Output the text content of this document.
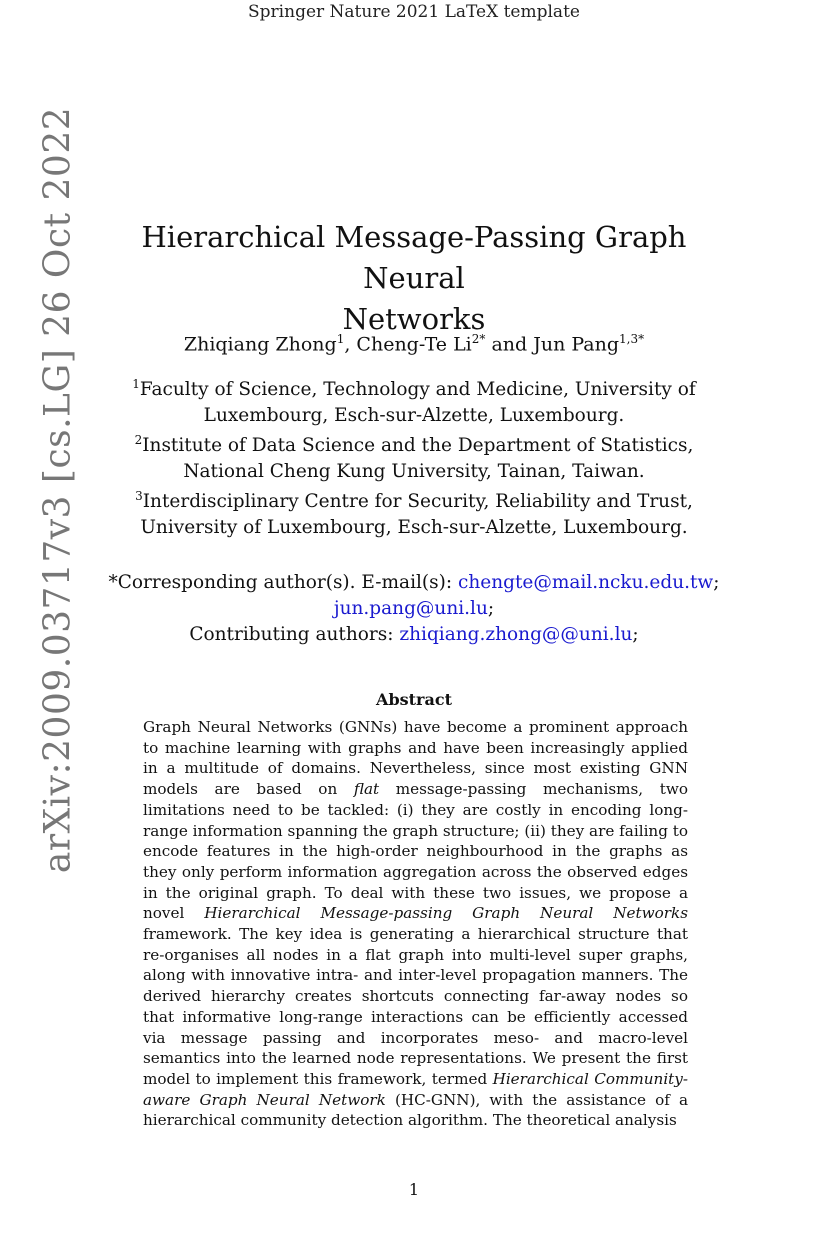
Springer Nature 2021 LaTeX template
arXiv:2009.03717v3 [cs.LG] 26 Oct 2022	Hierarchical Message-Passing Graph Neural
Networks
Zhiqiang Zhong$^1$, Cheng-Te $Li^{2*}$ and Jun Pang$^{1,3*}$
$^1$Faculty of Science, Technology and Medicine, University of
Luxembourg, Esch-sur-Alzette, Luxembourg.
$^2$Institute of Data Science and the Department of Statistics,
National Cheng Kung University, Tainan, Taiwan.
$^3$Interdisciplinary Centre for Security, Reliability and Trust,
University of Luxembourg, Esch-sur-Alzette, Luxembourg.
*Corresponding author(s). E-mail(s): chengte@mail.ncku.edu.tw;
jun.pang@uni.lu;
Contributing authors: zhiqiang.zhong@@uni.lu;
Abstract

Graph Neural Networks (GNNs) have become a prominent approach to machine learning with graphs and have been increasingly applied in a multitude of domains. Nevertheless, since most existing GNN models are based on flat message-passing mechanisms, two limitations need to be tackled: (i) they are costly in encoding long-range information spanning the graph structure; (ii) they are failing to encode features in the high-order neighbourhood in the graphs as they only perform information aggregation across the observed edges in the original graph. To deal with these two issues, we propose a novel Hierarchical Message-passing Graph Neural Networks framework. The key idea is generating a hierarchical structure that re-organises all nodes in a flat graph into multi-level super graphs, along with innovative intra- and inter-level propagation manners. The derived hierarchy creates shortcuts connecting far-away nodes so that informative long-range interactions can be efficiently accessed via message passing and incorporates meso- and macro-level semantics into the learned node representations. We present the first model to implement this framework, termed Hierarchical Community-aware Graph Neural Network (HC-GNN), with the assistance of a hierarchical community detection algorithm. The theoretical analysis

1
